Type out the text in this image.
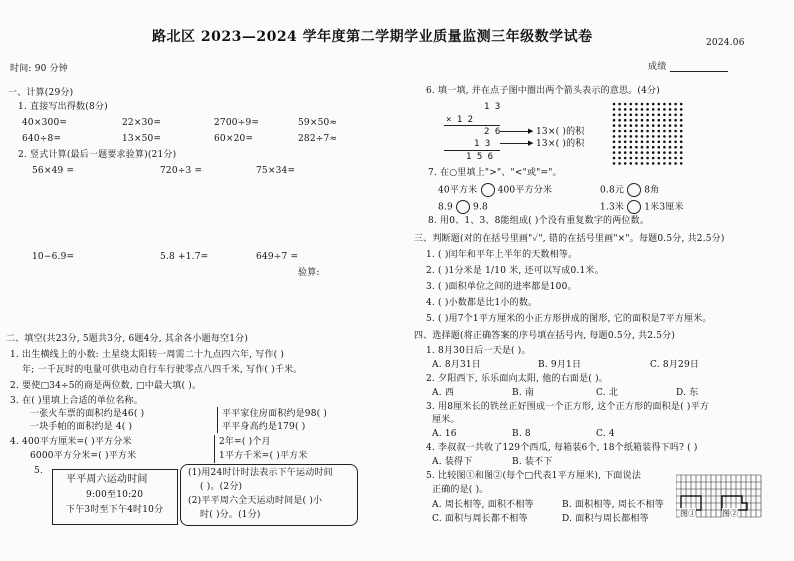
路北区 2023—2024 学年度第二学期学业质量监测三年级数学试卷	2024.06
时间: 90 分钟	成绩
一、计算(29分)
1. 直接写出得数(8分)
40×300=	22×30=	2700÷9=	59×50≈
640÷8=	13×50=	60×20=	282÷7≈
2. 竖式计算(最后一题要求验算)(21分)
56×49 =	720÷3 =	75×34=
10−6.9=	5.8 +1.7=	649÷7 =
验算:
二、填空(共23分, 5题共3分, 6题4分, 其余各小题每空1分)
1. 出生横线上的小数: 土星绕太阳转一周需二十九点四六年, 写作( )
年; 一千瓦时的电量可供电动自行车行驶零点八四千米, 写作( )千米。
2. 要使□34÷5的商是两位数, □中最大填( )。
3. 在( )里填上合适的单位名称。
一张火车票的面积约是46( )
一块手帕的面积约是 4( )
平平家住房面积约是98( )
平平身高约是179( )
4. 400平方厘米=( )平方分米
6000平方分米=( )平方米
2年=( )个月
1平方千米=( )平方米
5.
平平周六运动时间
9:00至10:20
下午3时至下午4时10分
(1)用24时计时法表示下午运动时间
( )。(2分)
(2)平平周六全天运动时间是( )小
时( )分。(1分)
6. 填一填, 并在点子图中圈出两个箭头表示的意思。(4分)
1 3
× 1 2
2 6
1 3
1 5 6
▶ 13×( )的积
▶ 13×( )的积
7. 在○里填上">"、"<"或"="。
40平方米 400平方分米	0.8元 8角
8.9 9.8	1.3米 1米3厘米
8. 用0、1、3、8能组成( )个没有重复数字的两位数。
三、判断题(对的在括号里画"✓", 错的在括号里画"×"。每题0.5分, 共2.5分)
1. ( )闰年和平年上半年的天数相等。
2. ( )1分米是 1/10 米, 还可以写成0.1米。
3. ( )面积单位之间的进率都是100。
4. ( )小数都是比1小的数。
5. ( )用7个1平方厘米的小正方形拼成的图形, 它的面积是7平方厘米。
四、选择题(将正确答案的序号填在括号内, 每题0.5分, 共2.5分)
1. 8月30日后一天是( )。
A. 8月31日	B. 9月1日	C. 8月29日
2. 夕阳西下, 乐乐面向太阳, 他的右面是( )。
A. 西	B. 南	C. 北	D. 东
3. 用8厘米长的铁丝正好围成一个正方形, 这个正方形的面积是( )平方
厘米。
A. 16	B. 8	C. 4
4. 李叔叔一共收了129个西瓜, 每箱装6个, 18个纸箱装得下吗? ( )
A. 装得下	B. 装不下
5. 比较图①和图②(每个□代表1平方厘米), 下面说法
正确的是( )。
A. 周长相等, 面积不相等	B. 面积相等, 周长不相等
C. 面积与周长都不相等	D. 面积与周长都相等
图①	图②
